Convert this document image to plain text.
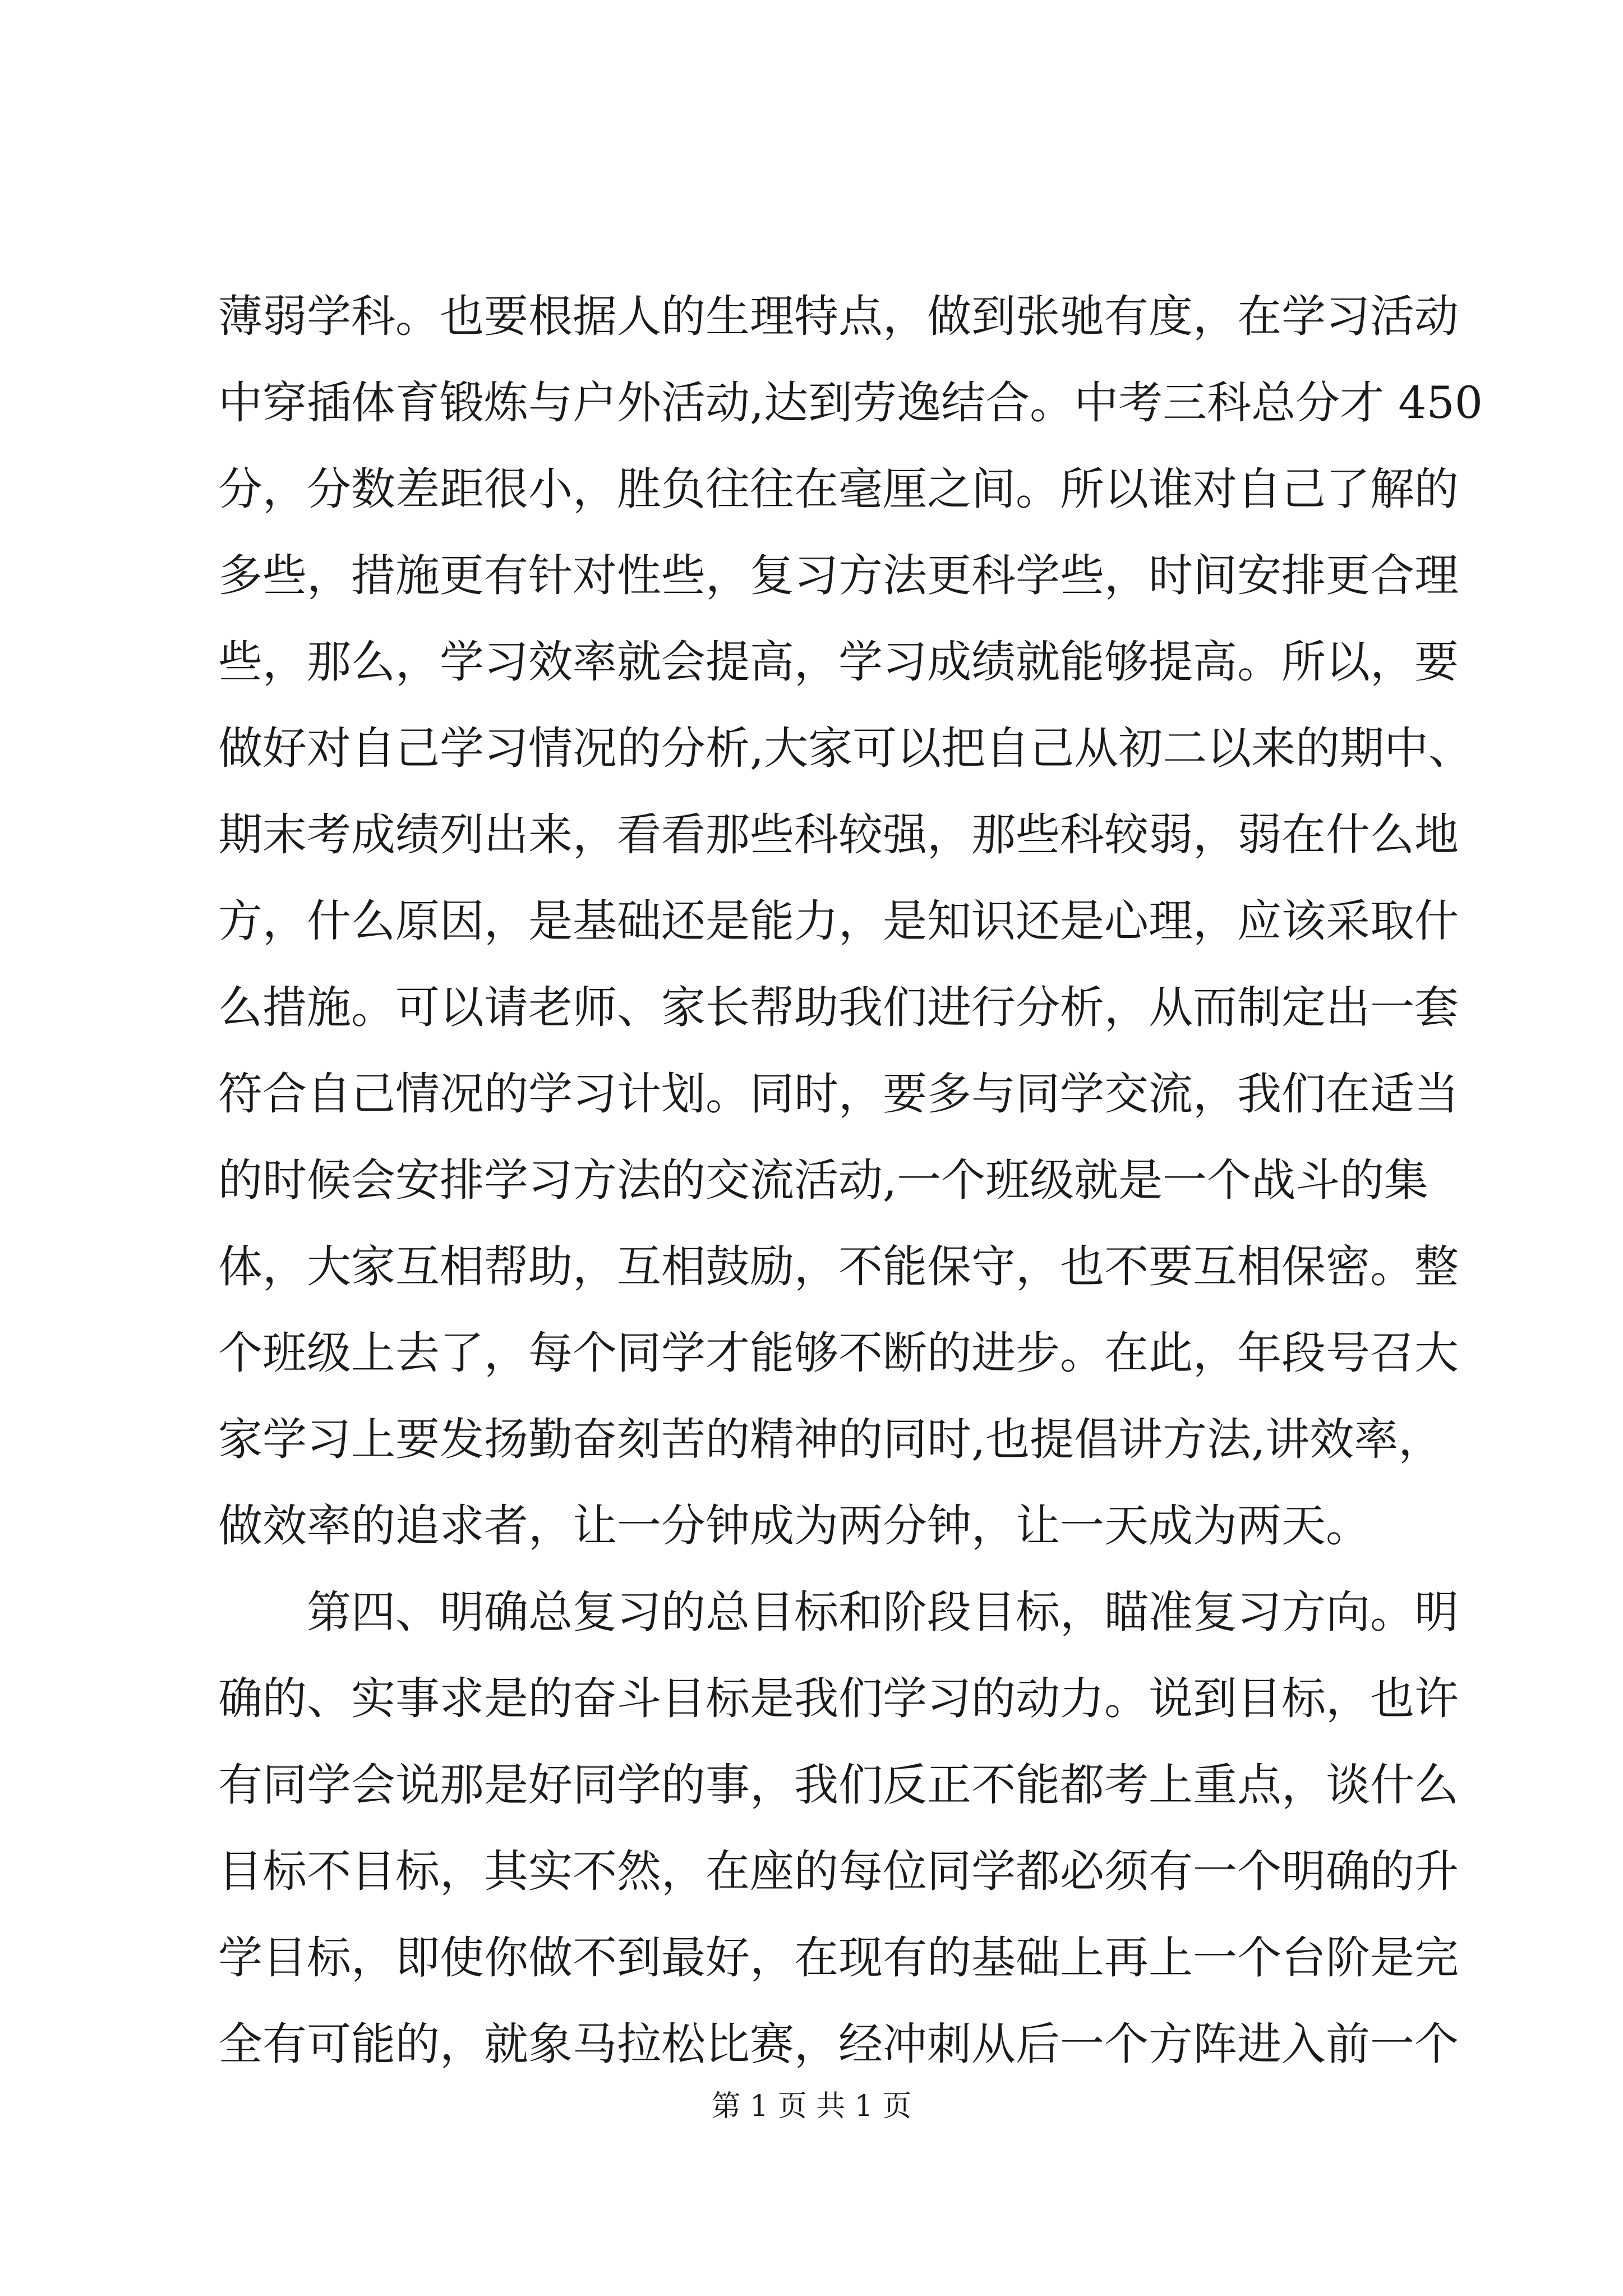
薄弱学科。也要根据人的生理特点，做到张驰有度，在学习活动
中穿插体育锻炼与户外活动,达到劳逸结合。中考三科总分才 450
分，分数差距很小，胜负往往在毫厘之间。所以谁对自己了解的
多些，措施更有针对性些，复习方法更科学些，时间安排更合理
些，那么，学习效率就会提高，学习成绩就能够提高。所以，要
做好对自己学习情况的分析,大家可以把自己从初二以来的期中、
期末考成绩列出来，看看那些科较强，那些科较弱，弱在什么地
方，什么原因，是基础还是能力，是知识还是心理，应该采取什
么措施。可以请老师、家长帮助我们进行分析，从而制定出一套
符合自己情况的学习计划。同时，要多与同学交流，我们在适当
的时候会安排学习方法的交流活动,一个班级就是一个战斗的集
体，大家互相帮助，互相鼓励，不能保守，也不要互相保密。整
个班级上去了，每个同学才能够不断的进步。在此，年段号召大
家学习上要发扬勤奋刻苦的精神的同时,也提倡讲方法,讲效率，
做效率的追求者，让一分钟成为两分钟，让一天成为两天。
第四、明确总复习的总目标和阶段目标，瞄准复习方向。明
确的、实事求是的奋斗目标是我们学习的动力。说到目标，也许
有同学会说那是好同学的事，我们反正不能都考上重点，谈什么
目标不目标，其实不然，在座的每位同学都必须有一个明确的升
学目标，即使你做不到最好，在现有的基础上再上一个台阶是完
全有可能的，就象马拉松比赛，经冲刺从后一个方阵进入前一个
第 1 页 共 1 页
